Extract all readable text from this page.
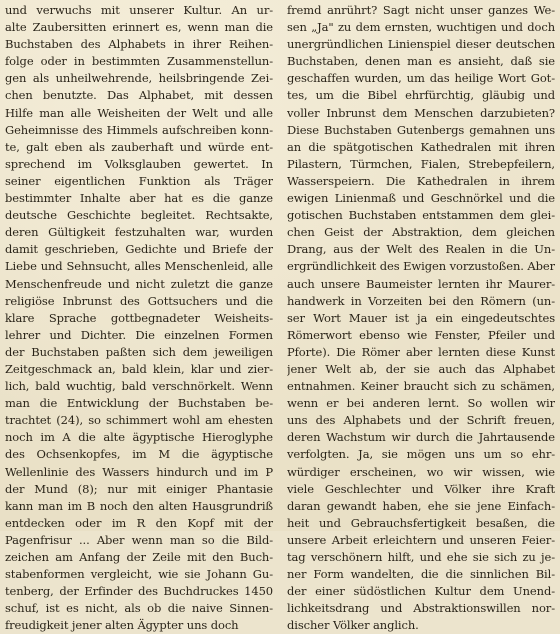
und verwuchs mit unserer Kultur. An ur-
alte Zaubersitten erinnert es, wenn man die
Buchstaben des Alphabets in ihrer Reihen-
folge oder in bestimmten Zusammenstellun-
gen als unheilwehrende, heilsbringende Zei-
chen benutzte. Das Alphabet, mit dessen
Hilfe man alle Weisheiten der Welt und alle
Geheimnisse des Himmels aufschreiben konn-
te, galt eben als zauberhaft und würde ent-
sprechend im Volksglauben gewertet. In
seiner eigentlichen Funktion als Träger
bestimmter Inhalte aber hat es die ganze
deutsche Geschichte begleitet. Rechtsakte,
deren Gültigkeit festzuhalten war, wurden
damit geschrieben, Gedichte und Briefe der
Liebe und Sehnsucht, alles Menschenleid, alle
Menschenfreude und nicht zuletzt die ganze
religiöse Inbrunst des Gottsuchers und die
klare Sprache gottbegnadeter Weisheits-
lehrer und Dichter. Die einzelnen Formen
der Buchstaben paßten sich dem jeweiligen
Zeitgeschmack an, bald klein, klar und zier-
lich, bald wuchtig, bald verschnörkelt. Wenn
man die Entwicklung der Buchstaben be-
trachtet (24), so schimmert wohl am ehesten
noch im A die alte ägyptische Hieroglyphe
des Ochsenkopfes, im M die ägyptische
Wellenlinie des Wassers hindurch und im P
der Mund (8); nur mit einiger Phantasie
kann man im B noch den alten Hausgrundriß
entdecken oder im R den Kopf mit der
Pagenfrisur ... Aber wenn man so die Bild-
zeichen am Anfang der Zeile mit den Buch-
stabenformen vergleicht, wie sie Johann Gu-
tenberg, der Erfinder des Buchdruckes 1450
schuf, ist es nicht, als ob die naive Sinnen-
freudigkeit jener alten Ägypter uns doch
fremd anrührt? Sagt nicht unser ganzes We-
sen „Ja" zu dem ernsten, wuchtigen und doch
unergründlichen Linienspiel dieser deutschen
Buchstaben, denen man es ansieht, daß sie
geschaffen wurden, um das heilige Wort Got-
tes, um die Bibel ehrfürchtig, gläubig und
voller Inbrunst dem Menschen darzubieten?
Diese Buchstaben Gutenbergs gemahnen uns
an die spätgotischen Kathedralen mit ihren
Pilastern, Türmchen, Fialen, Strebepfeilern,
Wasserspeiern. Die Kathedralen in ihrem
ewigen Linienmaß und Geschnörkel und die
gotischen Buchstaben entstammen dem glei-
chen Geist der Abstraktion, dem gleichen
Drang, aus der Welt des Realen in die Un-
ergründlichkeit des Ewigen vorzustoßen. Aber
auch unsere Baumeister lernten ihr Maurer-
handwerk in Vorzeiten bei den Römern (un-
ser Wort Mauer ist ja ein eingedeutschtes
Römerwort ebenso wie Fenster, Pfeiler und
Pforte). Die Römer aber lernten diese Kunst
jener Welt ab, der sie auch das Alphabet
entnahmen. Keiner braucht sich zu schämen,
wenn er bei anderen lernt. So wollen wir
uns des Alphabets und der Schrift freuen,
deren Wachstum wir durch die Jahrtausende
verfolgten. Ja, sie mögen uns um so ehr-
würdiger erscheinen, wo wir wissen, wie
viele Geschlechter und Völker ihre Kraft
daran gewandt haben, ehe sie jene Einfach-
heit und Gebrauchsfertigkeit besaßen, die
unsere Arbeit erleichtern und unseren Feier-
tag verschönern hilft, und ehe sie sich zu je-
ner Form wandelten, die die sinnlichen Bil-
der einer südöstlichen Kultur dem Unend-
lichkeitsdrang und Abstraktionswillen nor-
discher Völker anglich.
